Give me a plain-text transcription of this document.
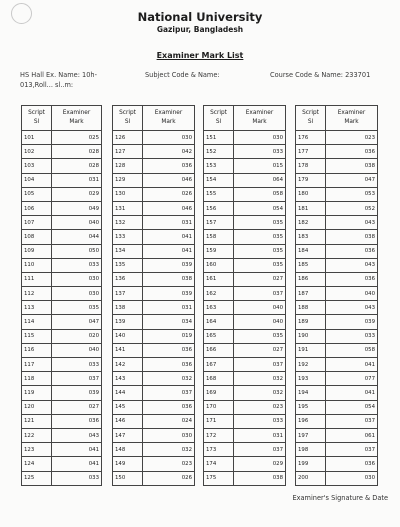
National University
Gazipur, Bangladesh
Examiner Mark List
HS Hall Ex. Name: 10h-
013,Roll... sl..m:
Subject Code & Name:	Course Code & Name: 233701
Script
Sl	Examiner
Mark
101	025
102	028
103	028
104	031
105	029
106	049
107	040
108	044
109	050
110	033
111	030
112	030
113	035
114	047
115	020
116	040
117	033
118	037
119	039
120	027
121	036
122	043
123	041
124	041
125	033
Script
Sl	Examiner
Mark
126	030
127	042
128	036
129	046
130	026
131	046
132	031
133	041
134	041
135	039
136	038
137	039
138	031
139	034
140	019
141	036
142	036
143	032
144	037
145	036
146	024
147	030
148	032
149	023
150	026
Script
Sl	Examiner
Mark
151	030
152	033
153	015
154	064
155	058
156	054
157	035
158	035
159	035
160	035
161	027
162	037
163	040
164	040
165	035
166	027
167	037
168	032
169	032
170	023
171	033
172	031
173	037
174	029
175	038
Script
Sl	Examiner
Mark
176	023
177	036
178	038
179	047
180	053
181	052
182	043
183	038
184	036
185	043
186	036
187	040
188	043
189	039
190	033
191	058
192	041
193	077
194	041
195	054
196	037
197	061
198	037
199	036
200	030
Examiner's Signature & Date
